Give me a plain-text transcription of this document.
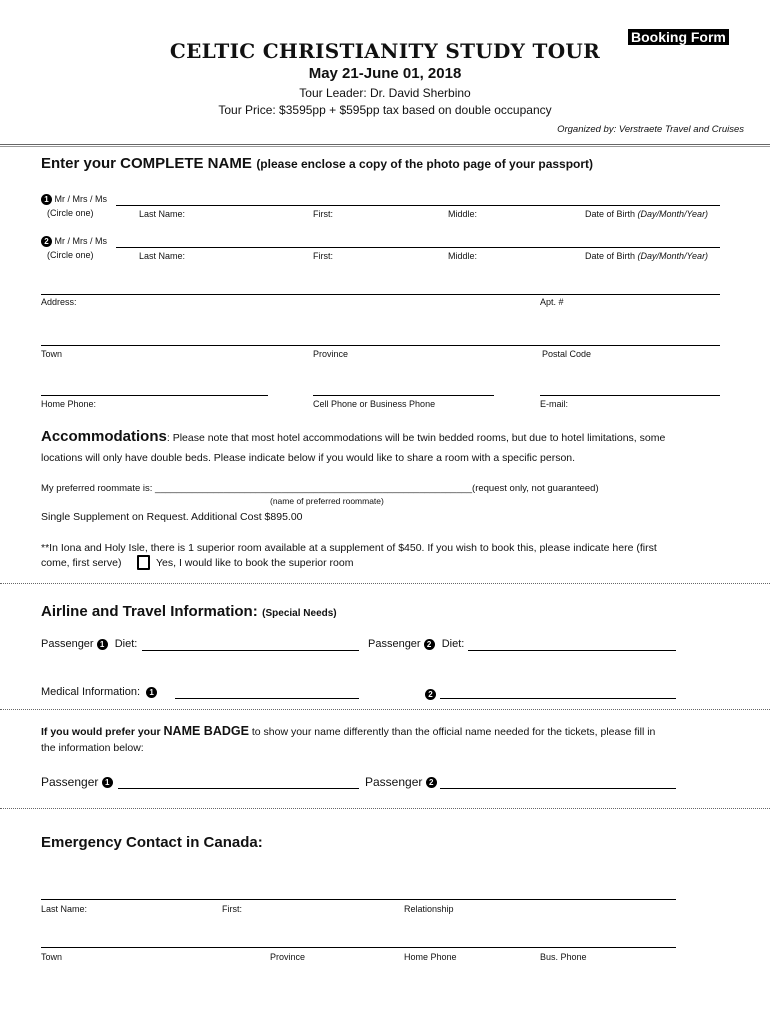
Booking Form
CELTIC CHRISTIANITY STUDY TOUR
May 21-June 01, 2018
Tour Leader: Dr. David Sherbino
Tour Price: $3595pp + $595pp tax based on double occupancy
Organized by: Verstraete Travel and Cruises
Enter your COMPLETE NAME (please enclose a copy of the photo page of your passport)
1 Mr / Mrs / Ms
(Circle one)	Last Name:	First:	Middle:	Date of Birth (Day/Month/Year)
2 Mr / Mrs / Ms
(Circle one)	Last Name:	First:	Middle:	Date of Birth (Day/Month/Year)
Address:	Apt. #
Town	Province	Postal Code
Home Phone:	Cell Phone or Business Phone	E-mail:
Accommodations: Please note that most hotel accommodations will be twin bedded rooms, but due to hotel limitations, some
locations will only have double beds. Please indicate below if you would like to share a room with a specific person.
My preferred roommate is: ____________________________________________________________(request only, not guaranteed)
(name of preferred roommate)
Single Supplement on Request. Additional Cost $895.00
**In Iona and Holy Isle, there is 1 superior room available at a supplement of $450. If you wish to book this, please indicate here (first
come, first serve)	Yes, I would like to book the superior room
Airline and Travel Information: (Special Needs)
Passenger 1 Diet:	Passenger 2 Diet:
Medical Information: 1	2
If you would prefer your NAME BADGE to show your name differently than the official name needed for the tickets, please fill in
the information below:
Passenger 1	Passenger 2
Emergency Contact in Canada:
Last Name:	First:	Relationship
Town	Province	Home Phone	Bus. Phone
